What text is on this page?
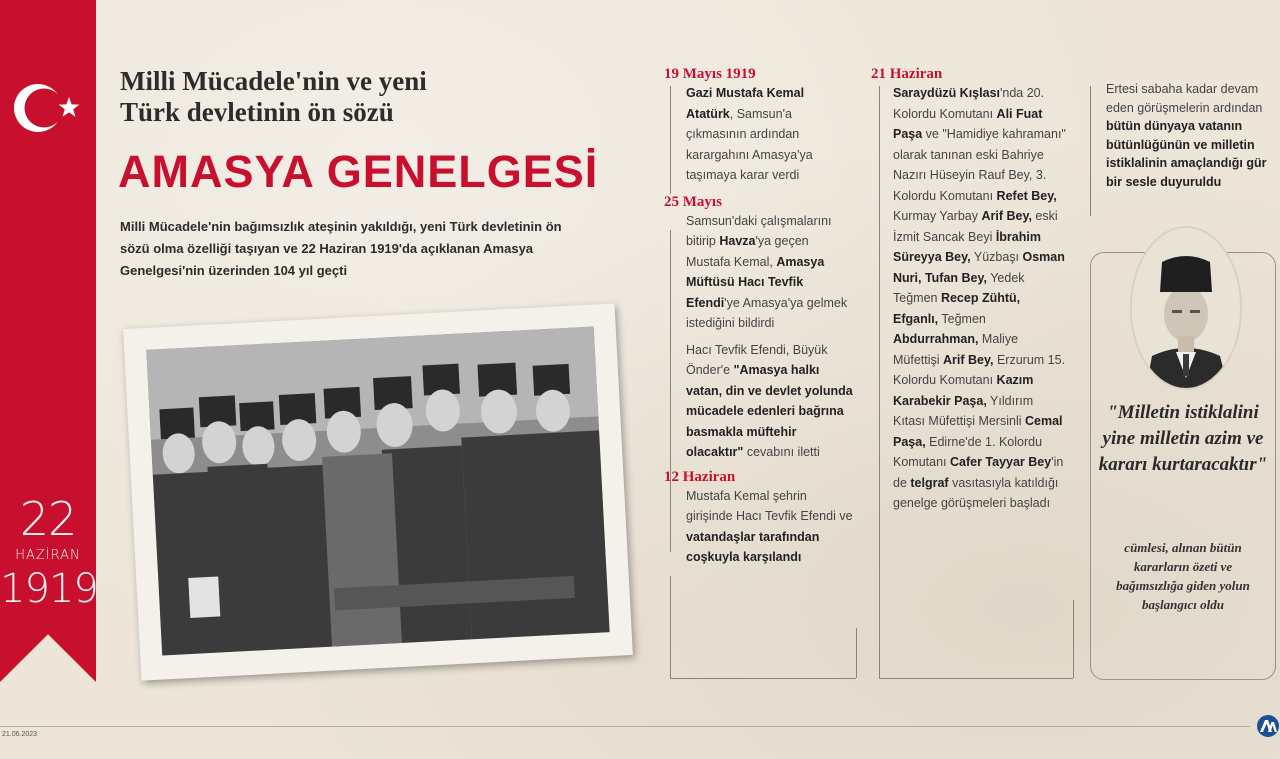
22
HAZİRAN
1919
Milli Mücadele'nin ve yeni
Türk devletinin ön sözü
AMASYA GENELGESİ
Milli Mücadele'nin bağımsızlık ateşinin yakıldığı, yeni Türk devletinin ön sözü olma özelliği taşıyan ve 22 Haziran 1919'da açıklanan Amasya Genelgesi'nin üzerinden 104 yıl geçti
19 Mayıs 1919
Gazi Mustafa Kemal Atatürk, Samsun'a çıkmasının ardından karargahını Amasya'ya taşımaya karar verdi
25 Mayıs
Samsun'daki çalışmalarını bitirip Havza'ya geçen Mustafa Kemal, Amasya Müftüsü Hacı Tevfik Efendi'ye Amasya'ya gelmek istediğini bildirdi
Hacı Tevfik Efendi, Büyük Önder'e "Amasya halkı vatan, din ve devlet yolunda mücadele edenleri bağrına basmakla müftehir olacaktır" cevabını iletti
12 Haziran
Mustafa Kemal şehrin girişinde Hacı Tevfik Efendi ve vatandaşlar tarafından coşkuyla karşılandı
21 Haziran
Saraydüzü Kışlası'nda 20. Kolordu Komutanı Ali Fuat Paşa ve "Hamidiye kahramanı" olarak tanınan eski Bahriye Nazırı Hüseyin Rauf Bey, 3. Kolordu Komutanı Refet Bey, Kurmay Yarbay Arif Bey, eski İzmit Sancak Beyi İbrahim Süreyya Bey, Yüzbaşı Osman Nuri, Tufan Bey, Yedek Teğmen Recep Zühtü, Efganlı, Teğmen Abdurrahman, Maliye Müfettişi Arif Bey, Erzurum 15. Kolordu Komutanı Kazım Karabekir Paşa, Yıldırım Kıtası Müfettişi Mersinli Cemal Paşa, Edirne'de 1. Kolordu Komutanı Cafer Tayyar Bey'in de telgraf vasıtasıyla katıldığı genelge görüşmeleri başladı
Ertesi sabaha kadar devam eden görüşmelerin ardından bütün dünyaya vatanın bütünlüğünün ve milletin istiklalinin amaçlandığı gür bir sesle duyuruldu
"Milletin istiklalini yine milletin azim ve kararı kurtaracaktır"
cümlesi, alınan bütün kararların özeti ve bağımsızlığa giden yolun başlangıcı oldu
21.06.2023
